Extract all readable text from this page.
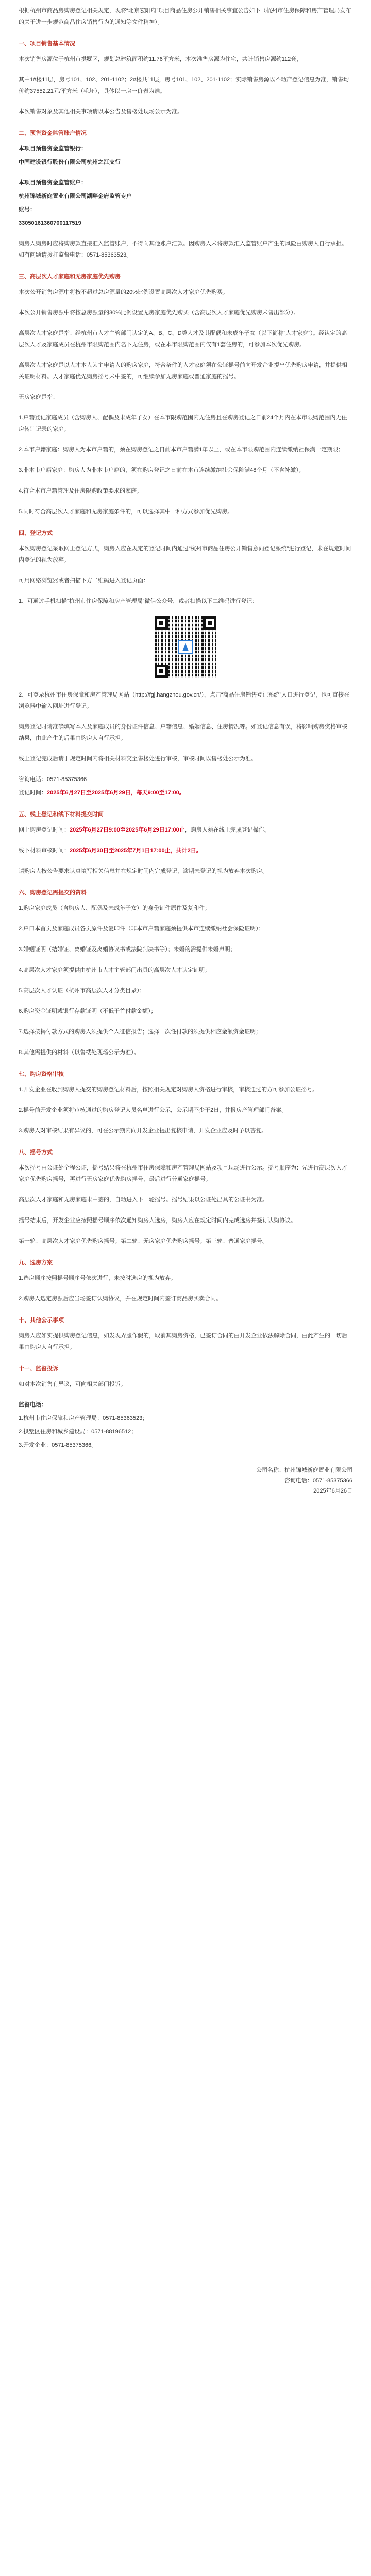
根据杭州市商品房购房登记相关规定，现将“北京宏阳府”项目商品住房公开销售相关事宜公告如下（杭州市住房保障和房产管理局发布的关于进一步规范商品住房销售行为的通知等文件精神）。

一、项目销售基本情况

本次销售房源位于杭州市拱墅区，规划总建筑面积约11.76平方米，本次准售房源为住宅，共计销售房源约112套，

其中1#楼11层，房号101、102、201-1102；2#楼共11层，房号101、102、201-1102；实际销售房源以不动产登记信息为准，销售均价约37552.21元/平方米（毛坯），具体以一房一价表为准。

本次销售对象及其他相关事项请以本公告及售楼处现场公示为准。

二、预售资金监管账户情况

本项目预售资金监管银行：

中国建设银行股份有限公司杭州之江支行

本项目预售资金监管账户：

杭州锦城新庭置业有限公司湖畔金府监管专户

账号：

33050161360700117519

购房人购房时应将购房款直接汇入监管账户，不得向其他账户汇款。因购房人未将房款汇入监管账户产生的风险由购房人自行承担。如有问题请拨打监督电话：0571-85363523。

三、高层次人才家庭和无房家庭优先购房

本次公开销售房源中将按不超过总房源量的20%比例设置高层次人才家庭优先购买。

本次公开销售房源中将按总房源量的30%比例设置无房家庭优先购买（含高层次人才家庭优先购房未售出部分）。

高层次人才家庭是指：经杭州市人才主管部门认定的A、B、C、D类人才及其配偶和未成年子女（以下简称“人才家庭”）。经认定的高层次人才及家庭成员在杭州市限购范围内名下无住房，或在本市限购范围内仅有1套住房的，可参加本次优先购房。

高层次人才家庭是以人才本人为主申请人的购房家庭，符合条件的人才家庭须在公证摇号前向开发企业提出优先购房申请，并提供相关证明材料。人才家庭优先购房摇号未中签的，可继续参加无房家庭或普通家庭的摇号。

无房家庭是指：

1.户籍登记家庭成员（含购房人、配偶及未成年子女）在本市限购范围内无住房且在购房登记之日前24个月内在本市限购范围内无住房转让记录的家庭；

2.本市户籍家庭：购房人为本市户籍的，须在购房登记之日前本市户籍满1年以上，或在本市限购范围内连续缴纳社保满一定期限；

3.非本市户籍家庭：购房人为非本市户籍的，须在购房登记之日前在本市连续缴纳社会保险满48个月（不含补缴）；

4.符合本市户籍管理及住房限购政策要求的家庭。

5.同时符合高层次人才家庭和无房家庭条件的，可以选择其中一种方式参加优先购房。

四、登记方式

本次购房登记采取网上登记方式，购房人应在规定的登记时间内通过“杭州市商品住房公开销售意向登记系统”进行登记，未在规定时间内登记的视为放弃。

可用网络浏览器或者扫描下方二维码进入登记页面：

1、可通过手机扫描“杭州市住房保障和房产管理局”微信公众号，或者扫描以下二维码进行登记：

2、可登录杭州市住房保障和房产管理局网站（http://fgj.hangzhou.gov.cn/），点击“商品住房销售登记系统”入口进行登记，也可直接在浏览器中输入网址进行登记。

购房登记时请准确填写本人及家庭成员的身份证件信息、户籍信息、婚姻信息、住房情况等。如登记信息有误，将影响购房资格审核结果，由此产生的后果由购房人自行承担。

线上登记完成后请于规定时间内将相关材料交至售楼处进行审核，审核时间以售楼处公示为准。

咨询电话：0571-85375366

登记时间：2025年6月27日至2025年6月29日，每天9:00至17:00。

五、线上登记和线下材料提交时间

网上购房登记时间：2025年6月27日9:00至2025年6月29日17:00止，购房人须在线上完成登记操作。

线下材料审核时间：2025年6月30日至2025年7月1日17:00止，共计2日。

请购房人按公告要求认真填写相关信息并在规定时间内完成登记，逾期未登记的视为放弃本次购房。

六、购房登记需提交的资料

1.购房家庭成员（含购房人、配偶及未成年子女）的身份证件原件及复印件；

2.户口本首页及家庭成员各页原件及复印件（非本市户籍家庭须提供本市连续缴纳社会保险证明）；

3.婚姻证明（结婚证、离婚证及离婚协议书或法院判决书等）；未婚的需提供未婚声明；

4.高层次人才家庭须提供由杭州市人才主管部门出具的高层次人才认定证明；

5.高层次人才认证（杭州市高层次人才分类目录）；

6.购房资金证明或银行存款证明（不低于首付款金额）；

7.选择按揭付款方式的购房人须提供个人征信报告；选择一次性付款的须提供相应金额资金证明；

8.其他需提供的材料（以售楼处现场公示为准）。

七、购房资格审核

1.开发企业在收到购房人提交的购房登记材料后，按照相关规定对购房人资格进行审核，审核通过的方可参加公证摇号。

2.摇号前开发企业须将审核通过的购房登记人员名单进行公示，公示期不少于2日，并报房产管理部门备案。

3.购房人对审核结果有异议的，可在公示期内向开发企业提出复核申请，开发企业应及时予以答复。

八、摇号方式

本次摇号由公证处全程公证，摇号结果将在杭州市住房保障和房产管理局网站及项目现场进行公示。摇号顺序为：先进行高层次人才家庭优先购房摇号，再进行无房家庭优先购房摇号，最后进行普通家庭摇号。

高层次人才家庭和无房家庭未中签的，自动进入下一轮摇号。摇号结果以公证处出具的公证书为准。

摇号结束后，开发企业应按照摇号顺序依次通知购房人选房，购房人应在规定时间内完成选房并签订认购协议。

第一轮：高层次人才家庭优先购房摇号；第二轮：无房家庭优先购房摇号；第三轮：普通家庭摇号。

九、选房方案

1.选房顺序按照摇号顺序号依次进行，未按时选房的视为放弃。

2.购房人选定房源后应当场签订认购协议，并在规定时间内签订商品房买卖合同。

十、其他公示事项

购房人应如实提供购房登记信息，如发现弄虚作假的，取消其购房资格，已签订合同的由开发企业依法解除合同，由此产生的一切后果由购房人自行承担。

十一、监督投诉

如对本次销售有异议，可向相关部门投诉。

监督电话：

1.杭州市住房保障和房产管理局：0571-85363523；

2.拱墅区住房和城乡建设局：0571-88196512；

3.开发企业：0571-85375366。

公司名称：杭州锦城新庭置业有限公司
咨询电话：0571-85375366
2025年6月26日
